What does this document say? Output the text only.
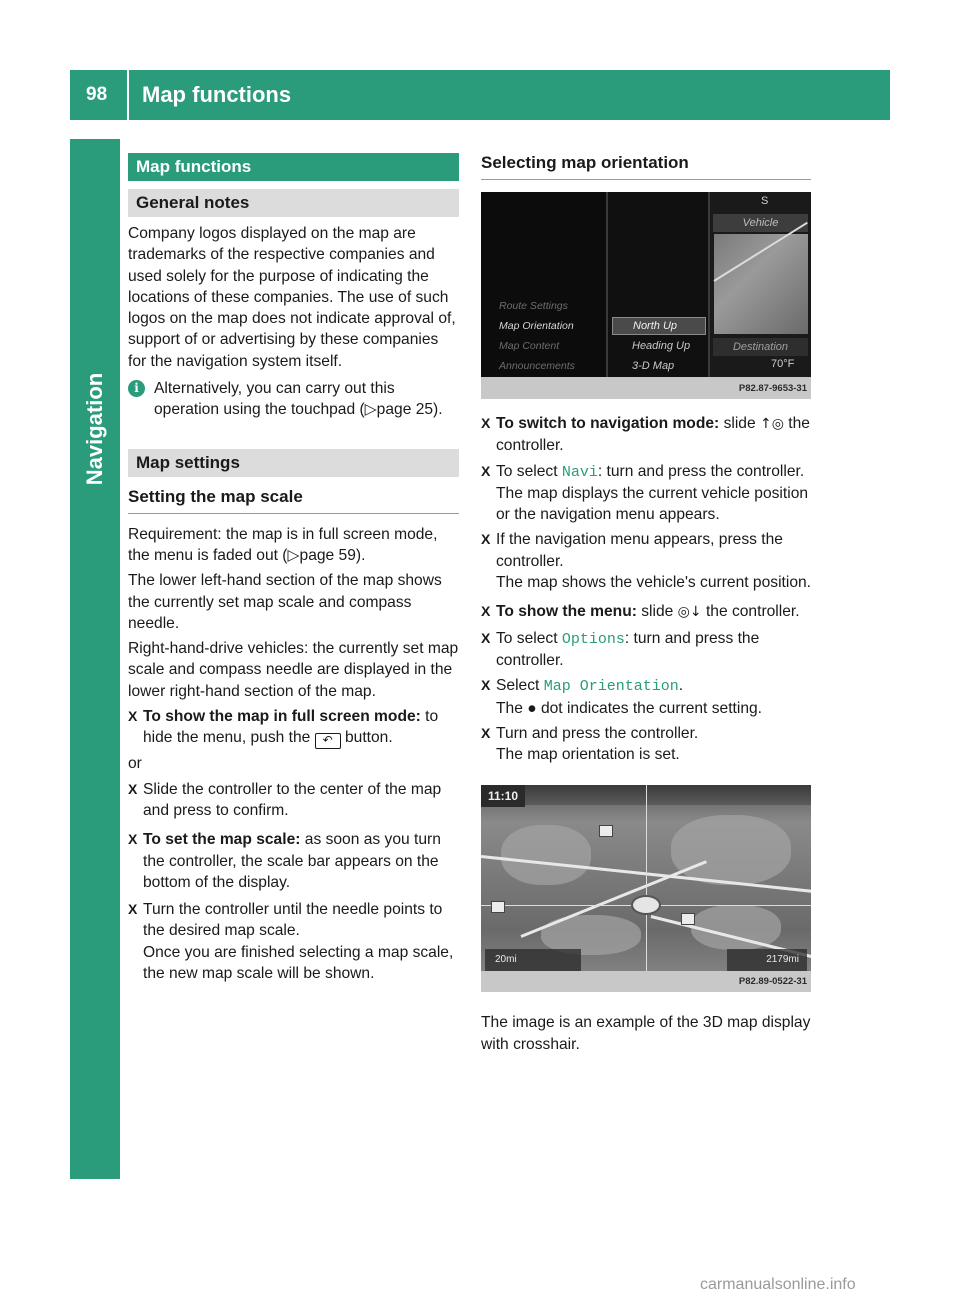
98 Map functions
Navigation
Map functions
General notes

Company logos displayed on the map are trademarks of the respective companies and used solely for the purpose of indicating the locations of these companies. The use of such logos on the map does not indicate approval of, support of or advertising by these companies for the navigation system itself.

i Alternatively, you can carry out this operation using the touchpad (▷page 25).
Map settings
Setting the map scale

Requirement: the map is in full screen mode, the menu is faded out (▷page 59).

The lower left-hand section of the map shows the currently set map scale and compass needle.

Right-hand-drive vehicles: the currently set map scale and compass needle are displayed in the lower right-hand section of the map.

X To show the map in full screen mode: to hide the menu, push the ↶ button.

or

X Slide the controller to the center of the map and press to confirm.
X To set the map scale: as soon as you turn the controller, the scale bar appears on the bottom of the display.
X Turn the controller until the needle points to the desired map scale.
Once you are finished selecting a map scale, the new map scale will be shown.
Selecting map orientation
S
Vehicle
Route Settings
Map Orientation
Map Content
Announcements
North Up
Heading Up
3-D Map
Destination
70°F
P82.87-9653-31
X To switch to navigation mode: slide ↑◎ the controller.
X To select Navi: turn and press the controller.
The map displays the current vehicle position or the navigation menu appears.
X If the navigation menu appears, press the controller.
The map shows the vehicle's current position.
X To show the menu: slide ◎↓ the controller.
X To select Options: turn and press the controller.
X Select Map Orientation.
The ● dot indicates the current setting.
X Turn and press the controller.
The map orientation is set.
11:10
20mi	2179mi
P82.89-0522-31

The image is an example of the 3D map display with crosshair.

carmanualsonline.info
